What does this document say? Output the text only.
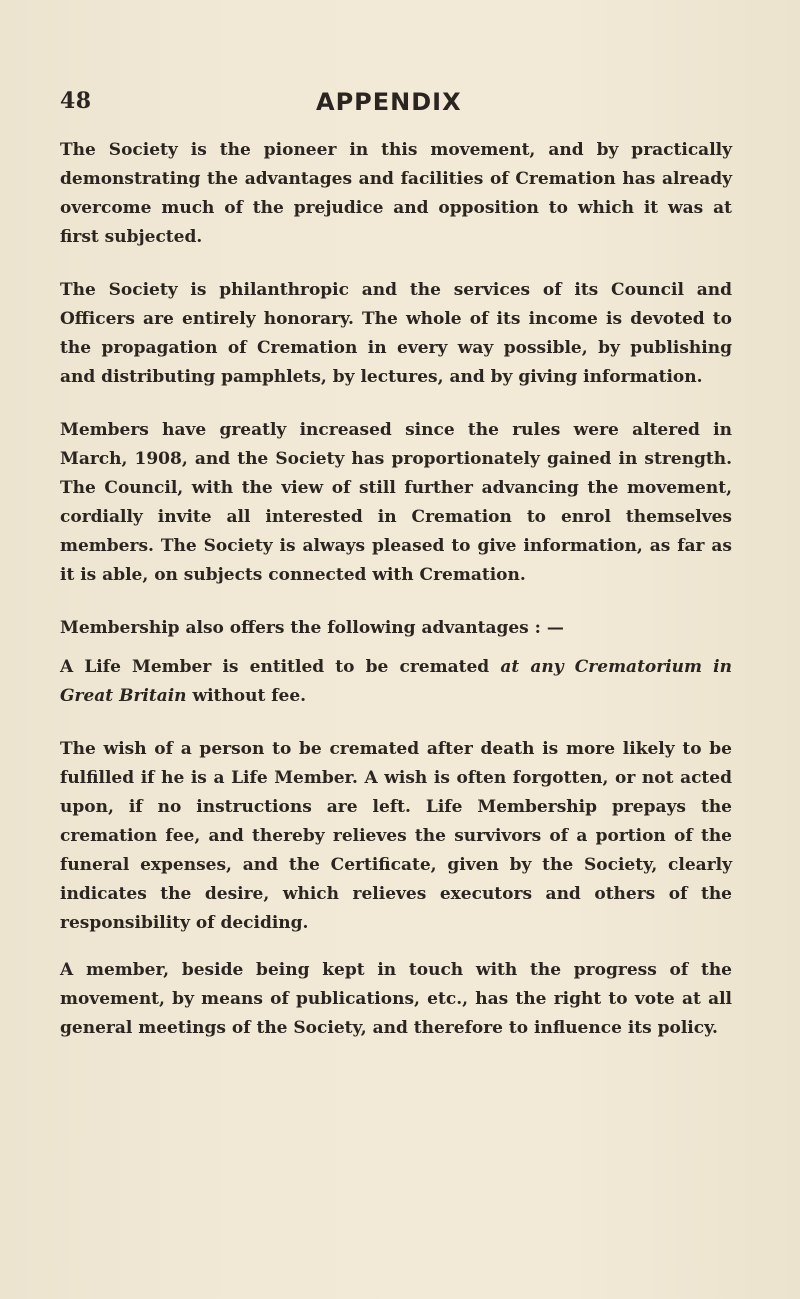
48	APPENDIX

The Society is the pioneer in this movement, and by practically demonstrating the advantages and facilities of Cremation has already overcome much of the prejudice and opposition to which it was at first subjected.

The Society is philanthropic and the services of its Council and Officers are entirely honorary. The whole of its income is devoted to the propagation of Cremation in every way possible, by publishing and distributing pamphlets, by lectures, and by giving information.

Members have greatly increased since the rules were altered in March, 1908, and the Society has proportionately gained in strength. The Council, with the view of still further advancing the movement, cordially invite all interested in Cremation to enrol themselves members. The Society is always pleased to give information, as far as it is able, on subjects connected with Cremation.

Membership also offers the following advantages : —

A Life Member is entitled to be cremated at any Crematorium in Great Britain without fee.

The wish of a person to be cremated after death is more likely to be fulfilled if he is a Life Member. A wish is often forgotten, or not acted upon, if no instructions are left. Life Membership prepays the cremation fee, and thereby relieves the survivors of a portion of the funeral expenses, and the Certificate, given by the Society, clearly indicates the desire, which relieves executors and others of the responsibility of deciding.

A member, beside being kept in touch with the progress of the movement, by means of publications, etc., has the right to vote at all general meetings of the Society, and therefore to influence its policy.
